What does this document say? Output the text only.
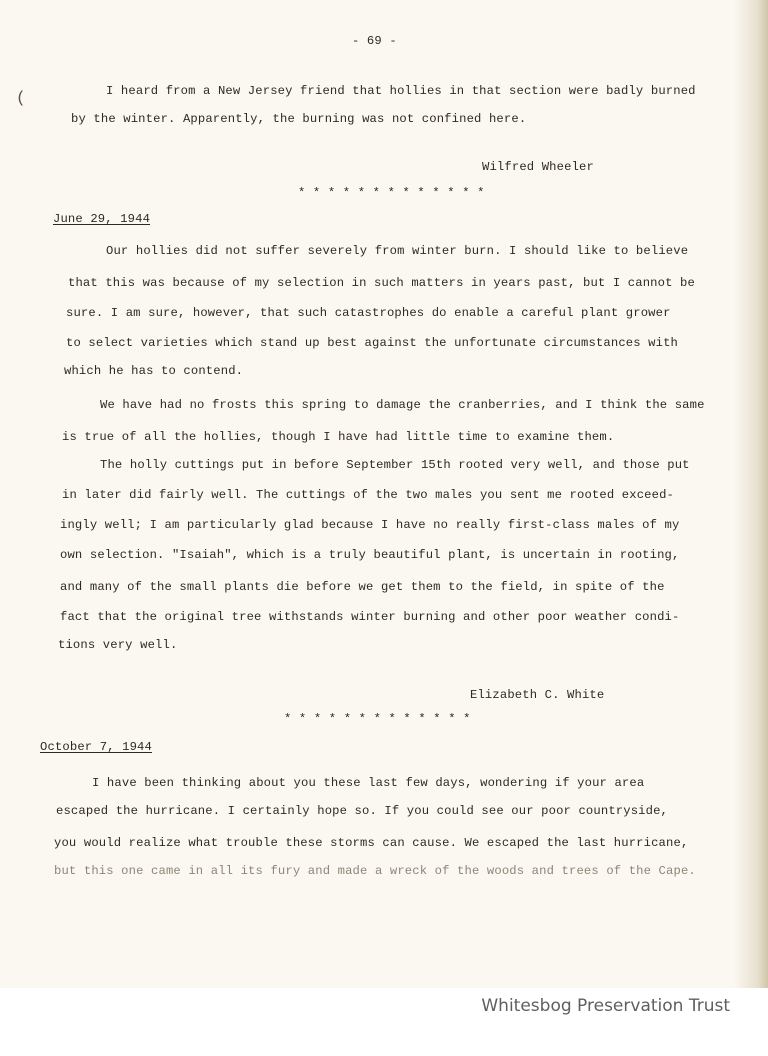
(
- 69 -
I heard from a New Jersey friend that hollies in that section were badly burned
by the winter. Apparently, the burning was not confined here.
Wilfred Wheeler
* * * * * * * * * * * * *
June 29, 1944
Our hollies did not suffer severely from winter burn. I should like to believe
that this was because of my selection in such matters in years past, but I cannot be
sure. I am sure, however, that such catastrophes do enable a careful plant grower
to select varieties which stand up best against the unfortunate circumstances with
which he has to contend.
We have had no frosts this spring to damage the cranberries, and I think the same
is true of all the hollies, though I have had little time to examine them.
The holly cuttings put in before September 15th rooted very well, and those put
in later did fairly well. The cuttings of the two males you sent me rooted exceed-
ingly well; I am particularly glad because I have no really first-class males of my
own selection. "Isaiah", which is a truly beautiful plant, is uncertain in rooting,
and many of the small plants die before we get them to the field, in spite of the
fact that the original tree withstands winter burning and other poor weather condi-
tions very well.
Elizabeth C. White
* * * * * * * * * * * * *
October 7, 1944
I have been thinking about you these last few days, wondering if your area
escaped the hurricane. I certainly hope so. If you could see our poor countryside,
you would realize what trouble these storms can cause. We escaped the last hurricane,
but this one came in all its fury and made a wreck of the woods and trees of the Cape.
Whitesbog Preservation Trust
